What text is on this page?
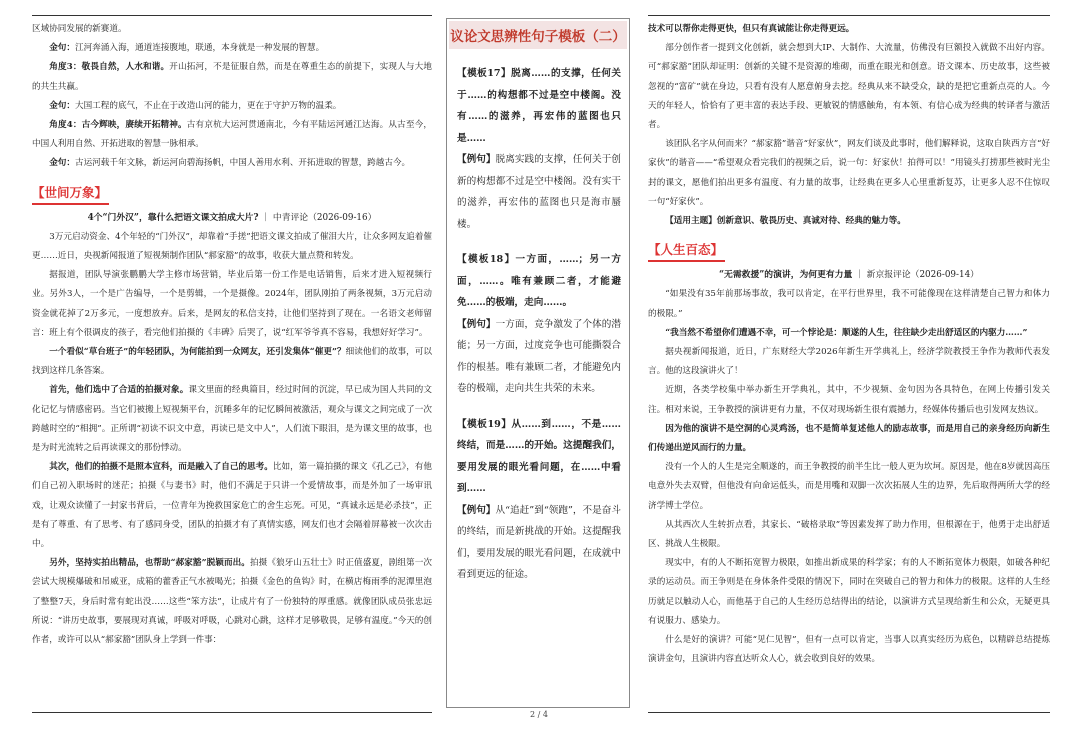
区域协同发展的新赛道。

金句：江河奔涌入海，通道连接腹地，联通，本身就是一种发展的智慧。

角度3：敬畏自然，人水和谐。开山拓河，不是征服自然，而是在尊重生态的前提下，实现人与大地的共生共赢。

金句：大国工程的底气，不止在于改造山河的能力，更在于守护万物的温柔。

角度4：古今辉映，赓续开拓精神。古有京杭大运河贯通南北，今有平陆运河通江达海。从古至今，中国人利用自然、开拓进取的智慧一脉相承。

金句：古运河载千年文脉，新运河向碧海扬帆，中国人善用水利、开拓进取的智慧，跨越古今。

【世间万象】

4个“门外汉”，靠什么把语文课文拍成大片? ｜ 中青评论（2026-09-16）

3万元启动资金、4个年轻的“门外汉”，却靠着“手搓”把语文课文拍成了催泪大片，让众多网友追着催更……近日，央视新闻报道了短视频制作团队“郝家豁”的故事，收获大量点赞和转发。

据报道，团队导演张鹏鹏大学主修市场营销，毕业后第一份工作是电话销售，后来才进入短视频行业。另外3人，一个是广告编导，一个是剪辑，一个是摄像。2024年，团队刚拍了两条视频，3万元启动资金就花掉了2万多元，一度想放弃。后来，是网友的私信支持，让他们坚持到了现在。一名语文老师留言：班上有个很调皮的孩子，看完他们拍摄的《丰碑》后哭了，说“红军爷爷真不容易，我想好好学习”。

一个看似“草台班子”的年轻团队，为何能拍到一众网友，还引发集体“催更”？细读他们的故事，可以找到这样几条答案。

首先，他们选中了合适的拍摄对象。课文里面的经典篇目，经过时间的沉淀，早已成为国人共同的文化记忆与情感密码。当它们被搬上短视频平台，沉睡多年的记忆瞬间被激活，观众与课文之间完成了一次跨越时空的“相拥”。正所谓“初读不识文中意，再读已是文中人”，人们流下眼泪，是为课文里的故事，也是为时光流转之后再读课文的那份悸动。

其次，他们的拍摄不是照本宣科，而是融入了自己的思考。比如，第一篇拍摄的课文《孔乙己》，有他们自己初入职场时的迷茫；拍摄《与妻书》时，他们不满足于只讲一个爱情故事，而是外加了一场审讯戏，让观众读懂了一封家书背后，一位青年为挽救国家危亡的舍生忘死。可见，“真诚永远是必杀技”，正是有了尊重、有了思考、有了感同身受，团队的拍摄才有了真情实感，网友们也才会隔着屏幕被一次次击中。

另外，坚持实拍出精品，也帮助“郝家豁”脱颖而出。拍摄《狼牙山五壮士》时正值盛夏，剧组第一次尝试大规模爆破和吊威亚，成箱的藿香正气水被喝光；拍摄《金色的鱼钩》时，在横店梅雨季的泥潭里泡了整整7天，身后时常有蛇出没……这些“笨方法”，让成片有了一份独特的厚重感。就像团队成员张忠远所说：“讲历史故事，要展现对真诚，呼吸对呼吸，心跳对心跳，这样才足够敬畏，足够有温度。”今天的创作者，或许可以从“郝家豁”团队身上学到一件事：

议论文思辨性句子模板（二）

【模板17】脱离……的支撑，任何关于……的构想都不过是空中楼阁。没有……的滋养，再宏伟的蓝图也只是……

【例句】脱离实践的支撑，任何关于创新的构想都不过是空中楼阁。没有实干的滋养，再宏伟的蓝图也只是海市蜃楼。

【模板18】一方面，……；另一方面，……。唯有兼顾二者，才能避免……的极端，走向……。

【例句】一方面，竞争激发了个体的潜能；另一方面，过度竞争也可能撕裂合作的根基。唯有兼顾二者，才能避免内卷的极端，走向共生共荣的未来。

【模板19】从……到……，不是……终结，而是……的开始。这提醒我们，要用发展的眼光看问题，在……中看到……

【例句】从“追赶”到“领跑”，不是奋斗的终结，而是新挑战的开始。这提醒我们，要用发展的眼光看问题，在成就中看到更远的征途。

技术可以帮你走得更快，但只有真诚能让你走得更远。

部分创作者一提到文化创新，就会想到大IP、大制作、大流量，仿佛没有巨额投入就做不出好内容。可“郝家豁”团队却证明：创新的关键不是资源的堆砌，而重在眼光和创意。语文课本、历史故事，这些被忽视的“富矿”就在身边，只看有没有人愿意俯身去挖。经典从来不缺受众，缺的是把它重新点亮的人。今天的年轻人，恰恰有了更丰富的表达手段、更敏锐的情感触角，有本领、有信心成为经典的转译者与激活者。

该团队名字从何而来？“郝家豁”谐音“好家伙”，网友们谈及此事时，他们解释说，这取自陕西方言“好家伙”的谐音——“希望观众看完我们的视频之后，说一句：好家伙！拍得可以！”用镜头打捞那些被时光尘封的课文，愿他们拍出更多有温度、有力量的故事，让经典在更多人心里重新复苏，让更多人忍不住惊叹一句“好家伙”。

【适用主题】创新意识、敬畏历史、真诚对待、经典的魅力等。

【人生百态】

“无需救援”的演讲，为何更有力量 ｜ 新京报评论（2026-09-14）

“如果没有35年前那场事故，我可以肯定，在平行世界里，我不可能像现在这样清楚自己智力和体力的极限。”

“我当然不希望你们遭遇不幸，可一个悖论是：顺遂的人生，往往缺少走出舒适区的内驱力……”

据央视新闻报道，近日，广东财经大学2026年新生开学典礼上，经济学院教授王争作为教师代表发言。他的这段演讲火了！

近期，各类学校集中举办新生开学典礼，其中，不少视频、金句因为各具特色，在网上传播引发关注。相对来说，王争教授的演讲更有力量，不仅对现场新生很有震撼力，经媒体传播后也引发网友热议。

因为他的演讲不是空洞的心灵鸡汤，也不是简单复述他人的励志故事，而是用自己的亲身经历向新生们传递出逆风而行的力量。

没有一个人的人生是完全顺遂的，而王争教授的前半生比一般人更为坎坷。原因是，他在8岁就因高压电意外失去双臂，但他没有向命运低头，而是用嘴和双脚一次次拓展人生的边界，先后取得两所大学的经济学博士学位。

从其西次人生转折点看，其家长、“破格录取”等因素发挥了助力作用，但根源在于，他勇于走出舒适区、挑战人生极限。

现实中，有的人不断拓宽智力极限，如推出新成果的科学家；有的人不断拓宽体力极限，如破各种纪录的运动员。而王争则是在身体条件受限的情况下，同时在突破自己的智力和体力的极限。这样的人生经历就足以触动人心，而他基于自己的人生经历总结得出的结论，以演讲方式呈现给新生和公众，无疑更具有说服力、感染力。

什么是好的演讲？可能“见仁见智”，但有一点可以肯定，当事人以真实经历为底色，以精辟总结提炼演讲金句，且演讲内容直达听众人心，就会收到良好的效果。

2 / 4
